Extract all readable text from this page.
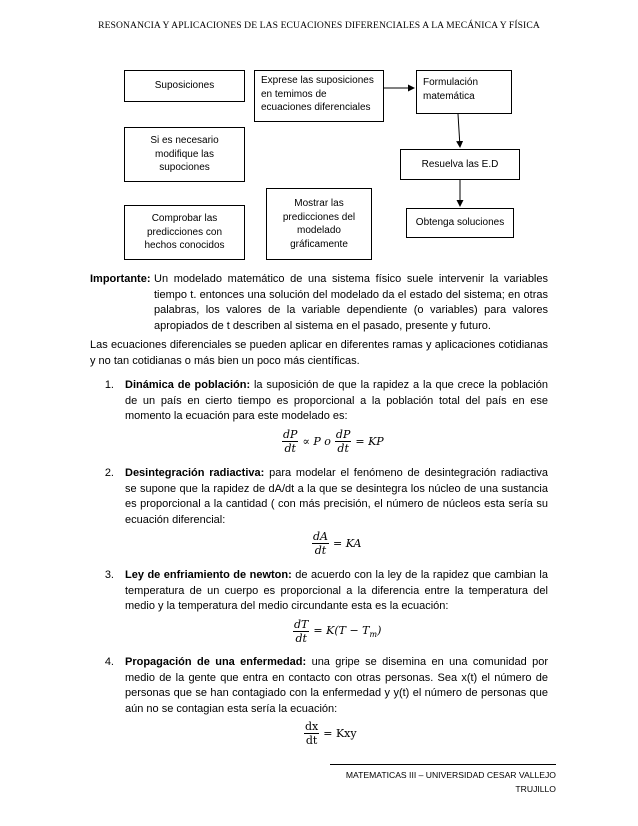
RESONANCIA Y APLICACIONES DE LAS ECUACIONES DIFERENCIALES A LA MECÁNICA Y FÍSICA
Suposiciones	Exprese las suposiciones en temimos de ecuaciones diferenciales
Formulación matemática
Si es necesario modifique las supociones	Resuelva las E.D
Comprobar las predicciones con hechos conocidos
Mostrar las predicciones del modelado gráficamente
Obtenga soluciones
Importante: Un modelado matemático de una sistema físico suele intervenir la variables tiempo t. entonces una solución del modelado da el estado del sistema; en otras palabras, los valores de la variable dependiente (o variables) para valores apropiados de t describen al sistema en el pasado, presente y futuro.
Las ecuaciones diferenciales se pueden aplicar en diferentes ramas y aplicaciones cotidianas y no tan cotidianas o más bien un poco más científicas.
1.	Dinámica de población: la suposición de que la rapidez a la que crece la población de un país en cierto tiempo es proporcional a la población total del país en ese momento la ecuación para este modelado es:
$\frac{dP}{dt} \propto P$ o $\frac{dP}{dt}$ = KP
2.	Desintegración radiactiva: para modelar el fenómeno de desintegración radiactiva se supone que la rapidez de dA/dt a la que se desintegra los núcleo de una sustancia es proporcional a la cantidad ( con más precisión, el número de núcleos esta sería su ecuación diferencial:
$\frac{dA}{dt}$ = KA
3.	Ley de enfriamiento de newton: de acuerdo con la ley de la rapidez que cambian la temperatura de un cuerpo es proporcional a la diferencia entre la temperatura del medio y la temperatura del medio circundante esta es la ecuación:
$\frac{dT}{dt} = K(T - T_m)$
4.	Propagación de una enfermedad: una gripe se disemina en una comunidad por medio de la gente que entra en contacto con otras personas. Sea x(t) el número de personas que se han contagiado con la enfermedad y y(t) el número de personas que aún no se contagian esta sería la ecuación:
$\frac{dx}{dt}$ = Kxy
MATEMATICAS III – UNIVERSIDAD CESAR VALLEJO
TRUJILLO
